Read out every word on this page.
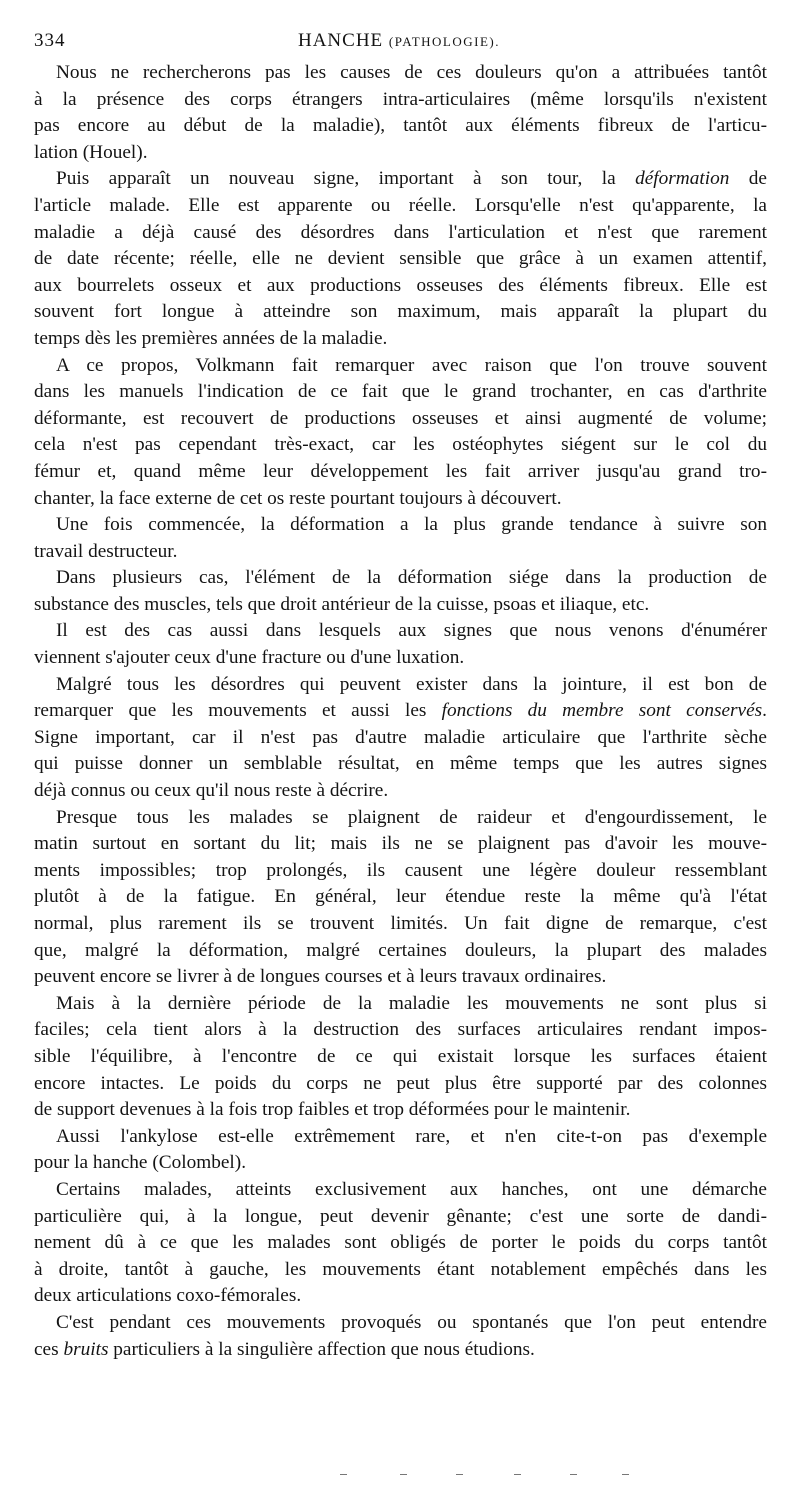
334	HANCHE (PATHOLOGIE).

Nous ne rechercherons pas les causes de ces douleurs qu'on a attribuées tantôt
à la présence des corps étrangers intra-articulaires (même lorsqu'ils n'existent
pas encore au début de la maladie), tantôt aux éléments fibreux de l'articu-
lation (Houel).

Puis apparaît un nouveau signe, important à son tour, la déformation de
l'article malade. Elle est apparente ou réelle. Lorsqu'elle n'est qu'apparente, la
maladie a déjà causé des désordres dans l'articulation et n'est que rarement
de date récente; réelle, elle ne devient sensible que grâce à un examen attentif,
aux bourrelets osseux et aux productions osseuses des éléments fibreux. Elle est
souvent fort longue à atteindre son maximum, mais apparaît la plupart du
temps dès les premières années de la maladie.

A ce propos, Volkmann fait remarquer avec raison que l'on trouve souvent
dans les manuels l'indication de ce fait que le grand trochanter, en cas d'arthrite
déformante, est recouvert de productions osseuses et ainsi augmenté de volume;
cela n'est pas cependant très-exact, car les ostéophytes siégent sur le col du
fémur et, quand même leur développement les fait arriver jusqu'au grand tro-
chanter, la face externe de cet os reste pourtant toujours à découvert.

Une fois commencée, la déformation a la plus grande tendance à suivre son
travail destructeur.

Dans plusieurs cas, l'élément de la déformation siége dans la production de
substance des muscles, tels que droit antérieur de la cuisse, psoas et iliaque, etc.

Il est des cas aussi dans lesquels aux signes que nous venons d'énumérer
viennent s'ajouter ceux d'une fracture ou d'une luxation.

Malgré tous les désordres qui peuvent exister dans la jointure, il est bon de
remarquer que les mouvements et aussi les fonctions du membre sont conservés.
Signe important, car il n'est pas d'autre maladie articulaire que l'arthrite sèche
qui puisse donner un semblable résultat, en même temps que les autres signes
déjà connus ou ceux qu'il nous reste à décrire.

Presque tous les malades se plaignent de raideur et d'engourdissement, le
matin surtout en sortant du lit; mais ils ne se plaignent pas d'avoir les mouve-
ments impossibles; trop prolongés, ils causent une légère douleur ressemblant
plutôt à de la fatigue. En général, leur étendue reste la même qu'à l'état
normal, plus rarement ils se trouvent limités. Un fait digne de remarque, c'est
que, malgré la déformation, malgré certaines douleurs, la plupart des malades
peuvent encore se livrer à de longues courses et à leurs travaux ordinaires.

Mais à la dernière période de la maladie les mouvements ne sont plus si
faciles; cela tient alors à la destruction des surfaces articulaires rendant impos-
sible l'équilibre, à l'encontre de ce qui existait lorsque les surfaces étaient
encore intactes. Le poids du corps ne peut plus être supporté par des colonnes
de support devenues à la fois trop faibles et trop déformées pour le maintenir.

Aussi l'ankylose est-elle extrêmement rare, et n'en cite-t-on pas d'exemple
pour la hanche (Colombel).

Certains malades, atteints exclusivement aux hanches, ont une démarche
particulière qui, à la longue, peut devenir gênante; c'est une sorte de dandi-
nement dû à ce que les malades sont obligés de porter le poids du corps tantôt
à droite, tantôt à gauche, les mouvements étant notablement empêchés dans les
deux articulations coxo-fémorales.

C'est pendant ces mouvements provoqués ou spontanés que l'on peut entendre
ces bruits particuliers à la singulière affection que nous étudions.
